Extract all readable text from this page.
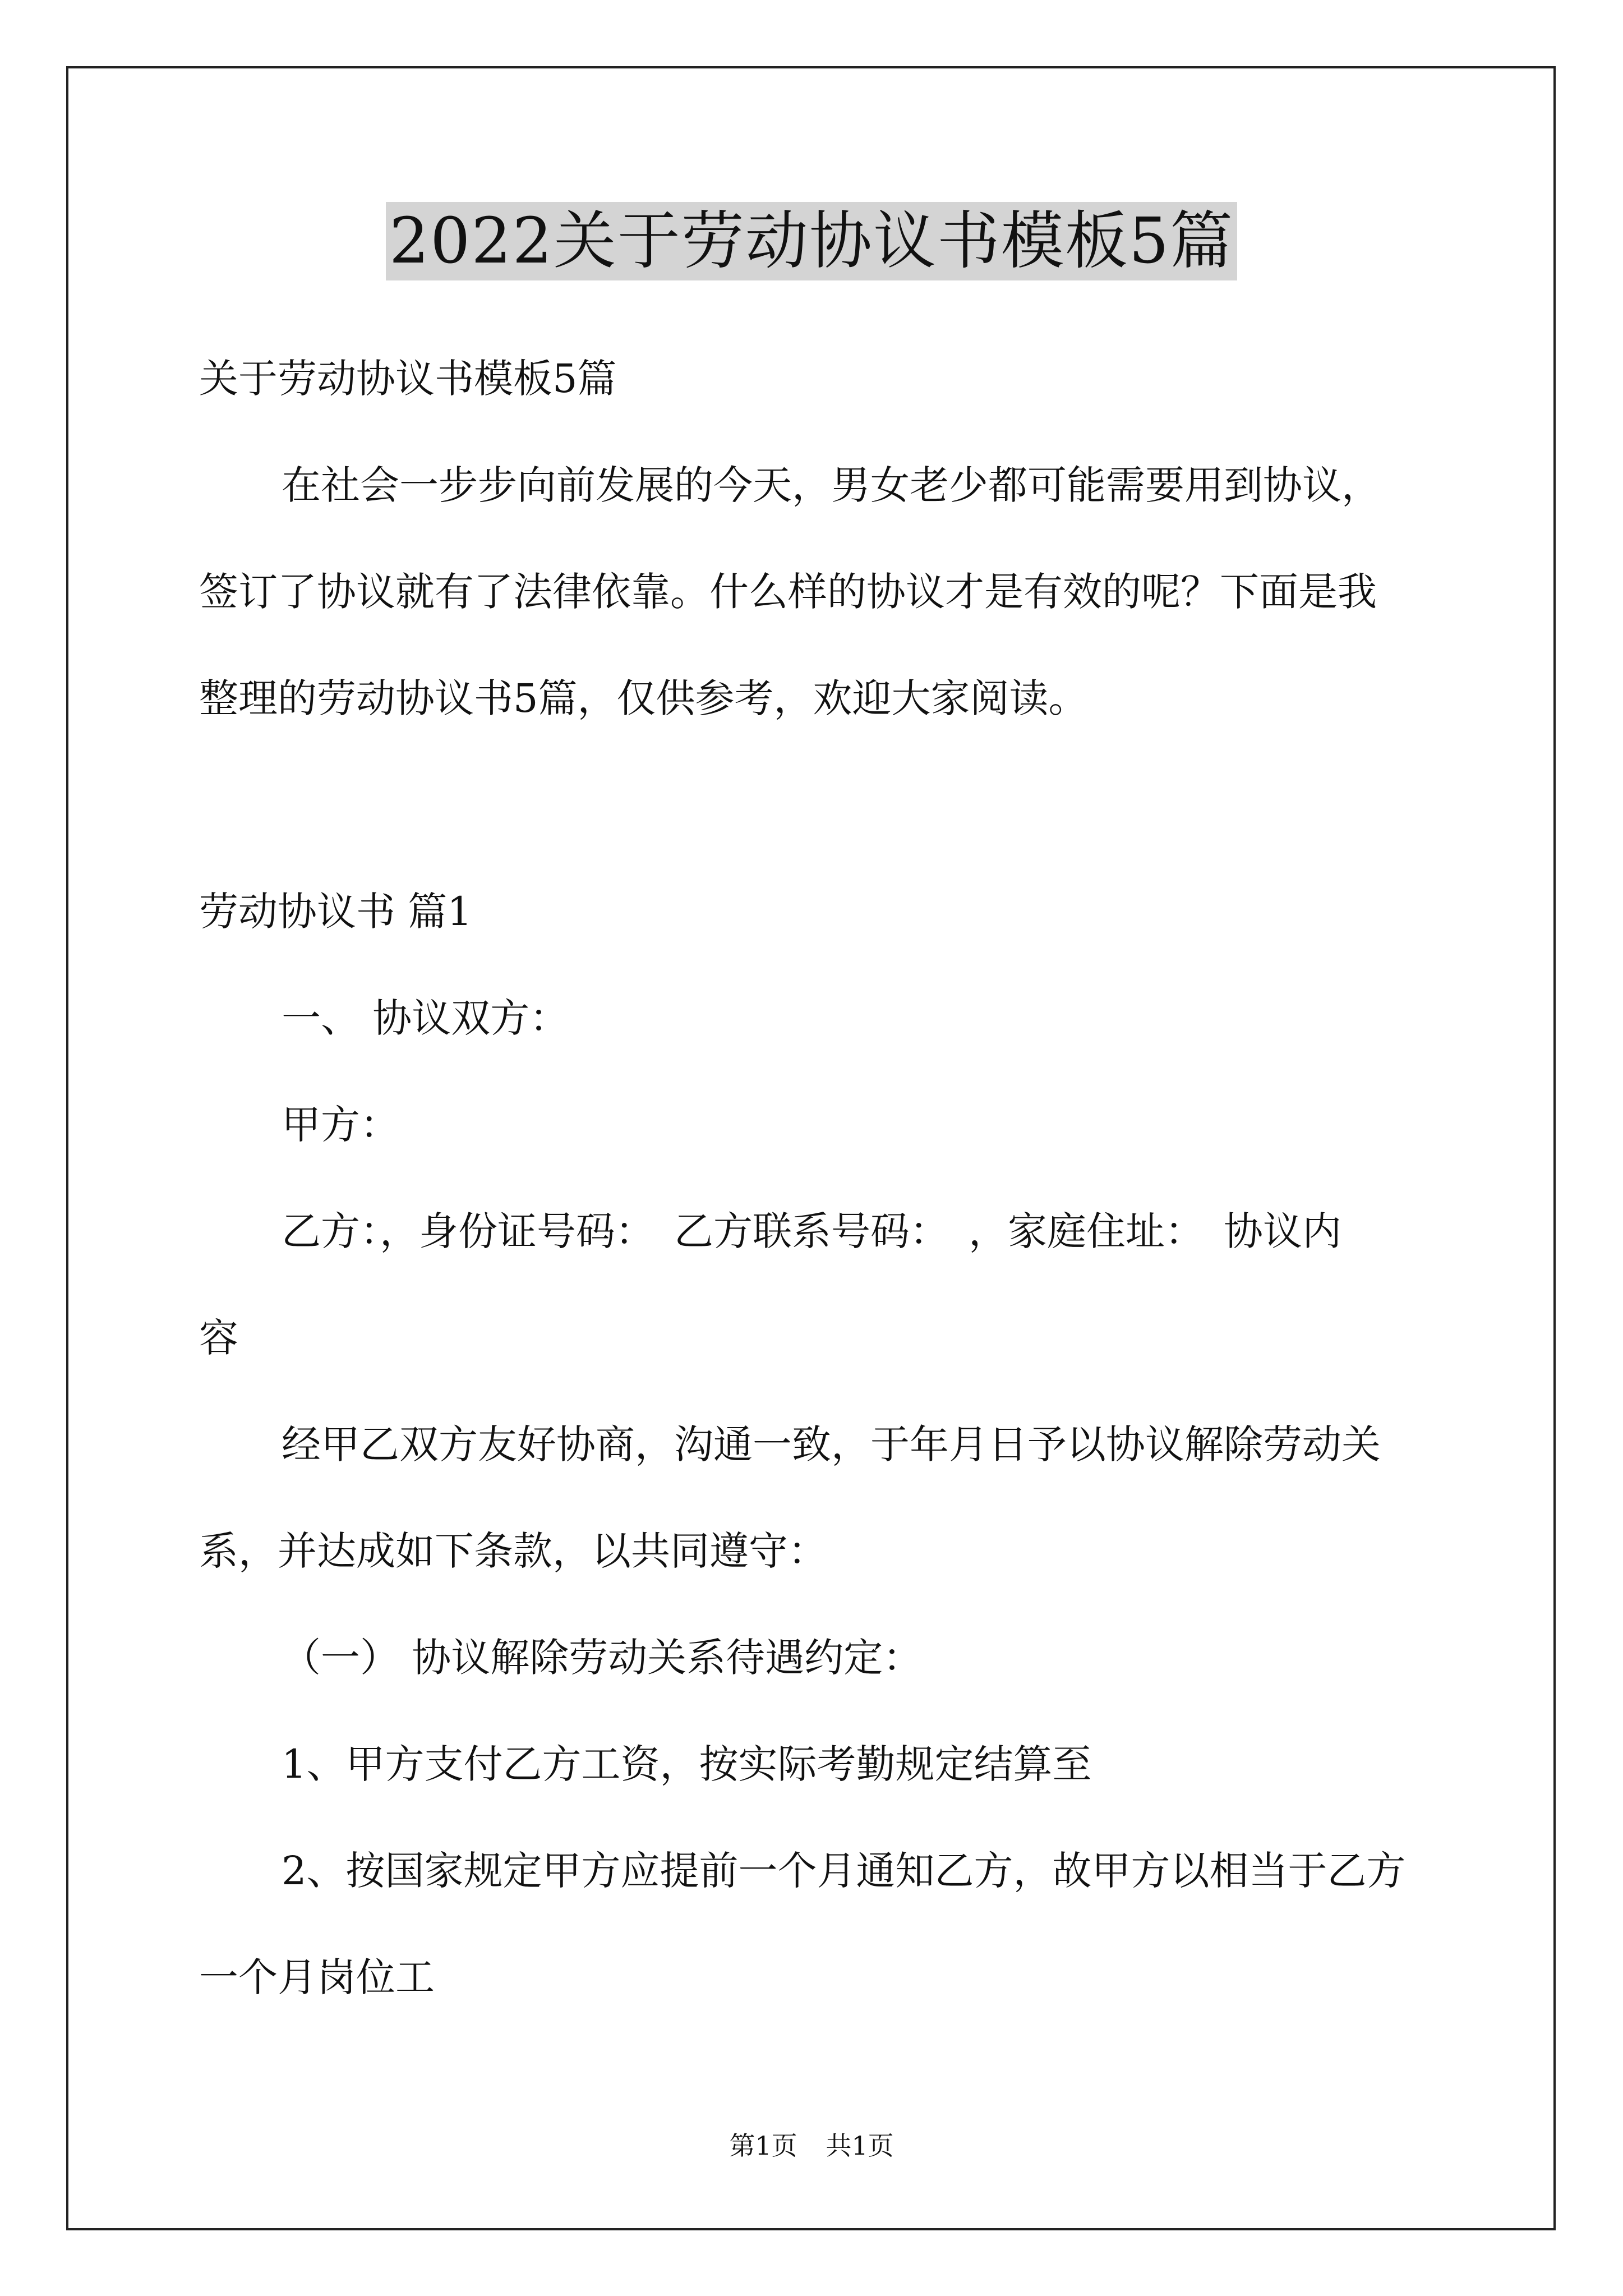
2022关于劳动协议书模板5篇
关于劳动协议书模板5篇
在社会一步步向前发展的今天，男女老少都可能需要用到协议，
签订了协议就有了法律依靠。什么样的协议才是有效的呢？下面是我
整理的劳动协议书5篇，仅供参考，欢迎大家阅读。
劳动协议书 篇1
一、 协议双方：
甲方：
乙方：，身份证号码：　乙方联系号码：　，家庭住址：　协议内
容
经甲乙双方友好协商，沟通一致，于年月日予以协议解除劳动关
系，并达成如下条款，以共同遵守：
（一） 协议解除劳动关系待遇约定：
1、甲方支付乙方工资，按实际考勤规定结算至
2、按国家规定甲方应提前一个月通知乙方，故甲方以相当于乙方
一个月岗位工
第1页 共1页
